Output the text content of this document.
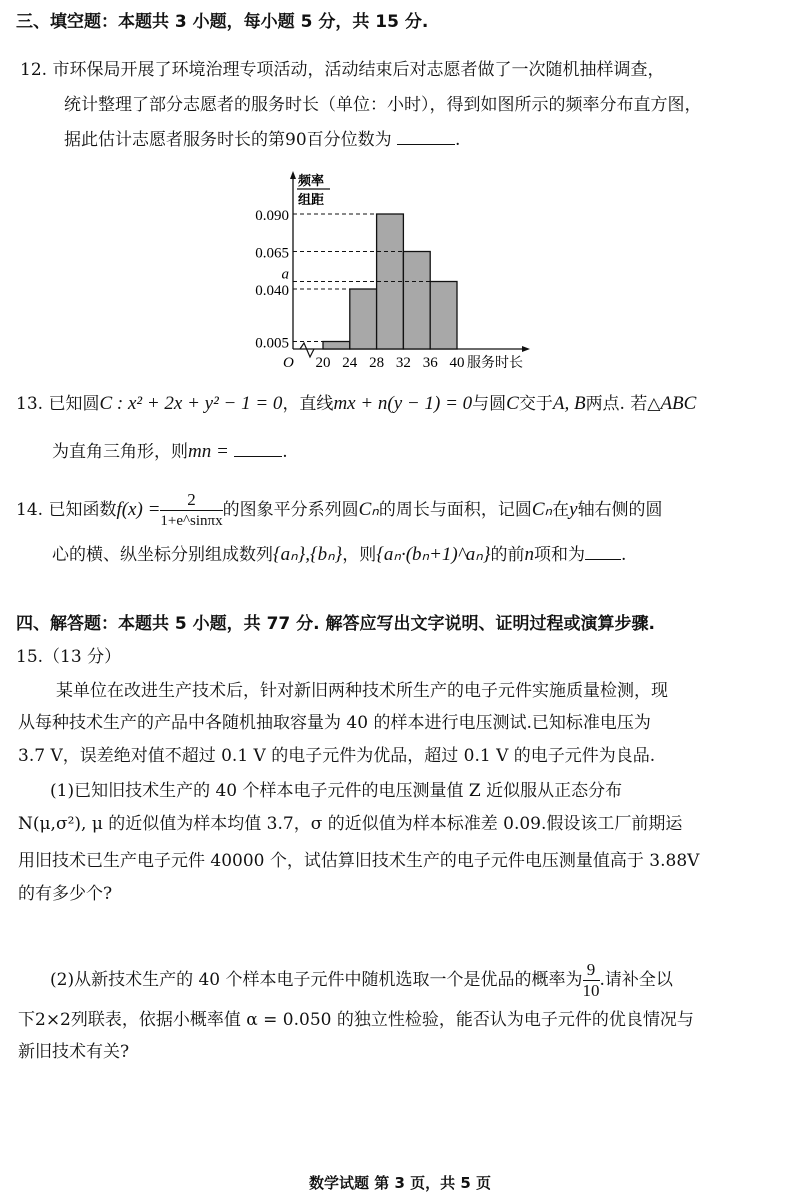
三、填空题：本题共 3 小题，每小题 5 分，共 15 分.
12. 市环保局开展了环境治理专项活动，活动结束后对志愿者做了一次随机抽样调查，
统计整理了部分志愿者的服务时长（单位：小时），得到如图所示的频率分布直方图，
据此估计志愿者服务时长的第90百分位数为	.
0.005
0.040
a
0.065
0.090
20 24 28 32 36 40
O	服务时长
频率
组距
13. 已知圆C : x² + 2x + y² − 1 = 0，直线mx + n(y − 1) = 0与圆C交于A, B两点. 若△ABC
为直角三角形，则mn =	.
14. 已知函数$f(x) = \frac{2}{1+e\^{}\sin\pi x}$ 的图象平分系列圆Cₙ的周长与面积，记圆Cₙ在y轴右侧的圆
心的横、纵坐标分别组成数列{aₙ},{bₙ}，则{aₙ·(bₙ+1)^aₙ}的前n项和为 .
四、解答题：本题共 5 小题，共 77 分. 解答应写出文字说明、证明过程或演算步骤.
15.（13 分）
某单位在改进生产技术后，针对新旧两种技术所生产的电子元件实施质量检测，现
从每种技术生产的产品中各随机抽取容量为 40 的样本进行电压测试.已知标准电压为
3.7 V，误差绝对值不超过 0.1 V 的电子元件为优品，超过 0.1 V 的电子元件为良品.
(1)已知旧技术生产的 40 个样本电子元件的电压测量值 Z 近似服从正态分布
N(μ,σ²), μ 的近似值为样本均值 3.7，σ 的近似值为样本标准差 0.09.假设该工厂前期运
用旧技术已生产电子元件 40000 个，试估算旧技术生产的电子元件电压测量值高于 3.88V
的有多少个?
(2)从新技术生产的 40 个样本电子元件中随机选取一个是优品的概率为 $\frac{9}{10}$ .请补全以
下2×2列联表，依据小概率值 α = 0.050 的独立性检验，能否认为电子元件的优良情况与
新旧技术有关?
数学试题 第 3 页，共 5 页
